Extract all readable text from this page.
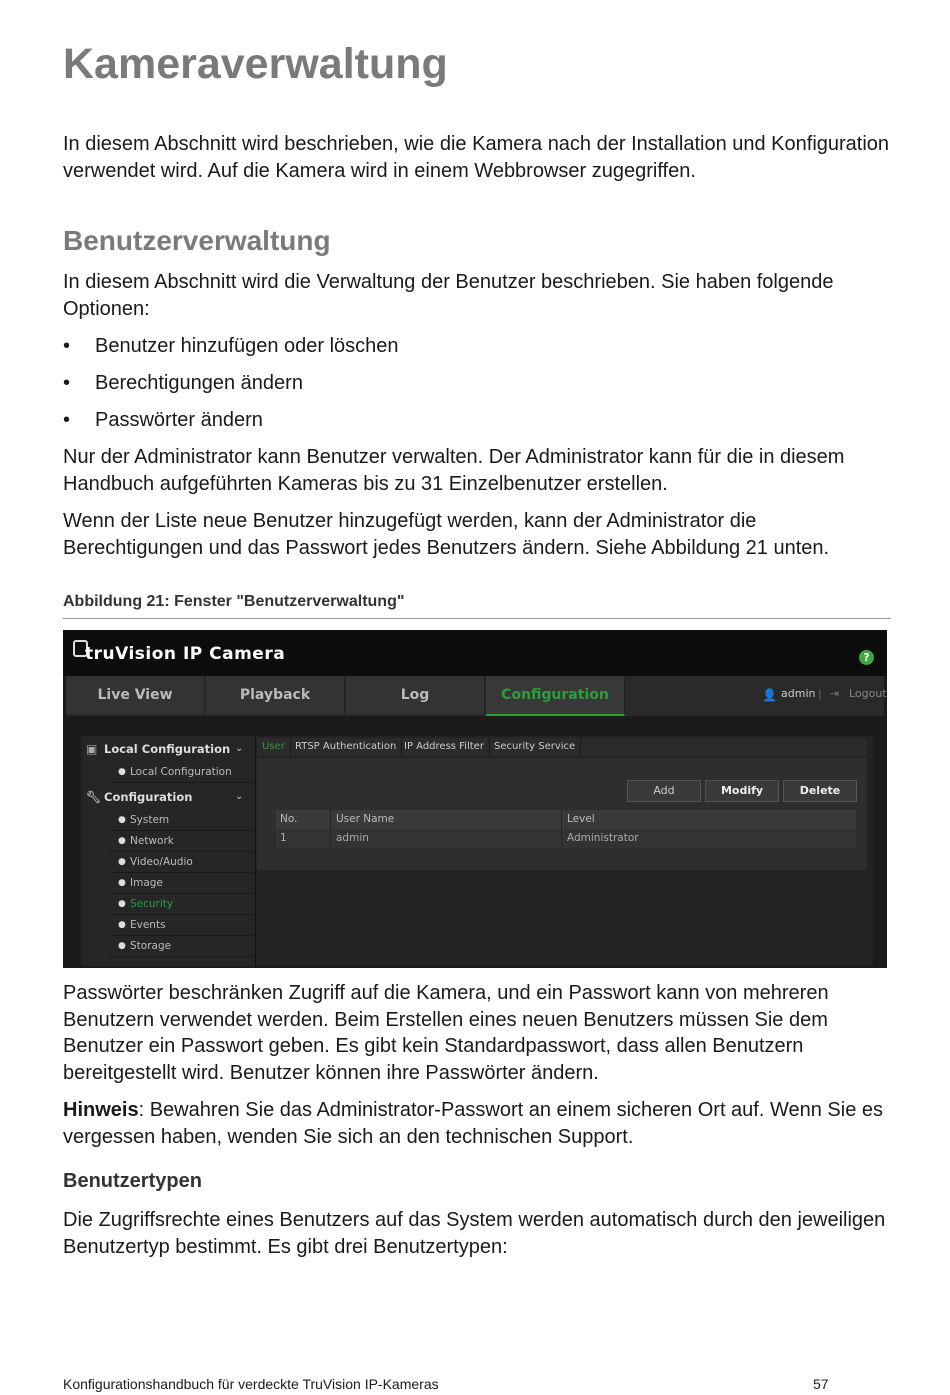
Kameraverwaltung

In diesem Abschnitt wird beschrieben, wie die Kamera nach der Installation und Konfiguration verwendet wird. Auf die Kamera wird in einem Webbrowser zugegriffen.

Benutzerverwaltung

In diesem Abschnitt wird die Verwaltung der Benutzer beschrieben. Sie haben folgende Optionen:

•	Benutzer hinzufügen oder löschen
•	Berechtigungen ändern
•	Passwörter ändern

Nur der Administrator kann Benutzer verwalten. Der Administrator kann für die in diesem Handbuch aufgeführten Kameras bis zu 31 Einzelbenutzer erstellen.

Wenn der Liste neue Benutzer hinzugefügt werden, kann der Administrator die Berechtigungen und das Passwort jedes Benutzers ändern. Siehe Abbildung 21 unten.

Abbildung 21: Fenster "Benutzerverwaltung"
truVision IP Camera	?
Live View	Playback	Log	Configuration	👤 admin | ⇥ Logout
▣ Local Configuration ⌄
● Local Configuration
🔧︎ Configuration	⌄
● System
● Network
● Video/Audio
● Image
● Security
● Events
● Storage
User	RTSP Authentication IP Address Filter	Security Service
Add	Modify	Delete
No.	User Name	Level
1	admin	Administrator

Passwörter beschränken Zugriff auf die Kamera, und ein Passwort kann von mehreren Benutzern verwendet werden. Beim Erstellen eines neuen Benutzers müssen Sie dem Benutzer ein Passwort geben. Es gibt kein Standardpasswort, dass allen Benutzern bereitgestellt wird. Benutzer können ihre Passwörter ändern.

Hinweis: Bewahren Sie das Administrator-Passwort an einem sicheren Ort auf. Wenn Sie es vergessen haben, wenden Sie sich an den technischen Support.

Benutzertypen

Die Zugriffsrechte eines Benutzers auf das System werden automatisch durch den jeweiligen Benutzertyp bestimmt. Es gibt drei Benutzertypen:

Konfigurationshandbuch für verdeckte TruVision IP-Kameras	57
